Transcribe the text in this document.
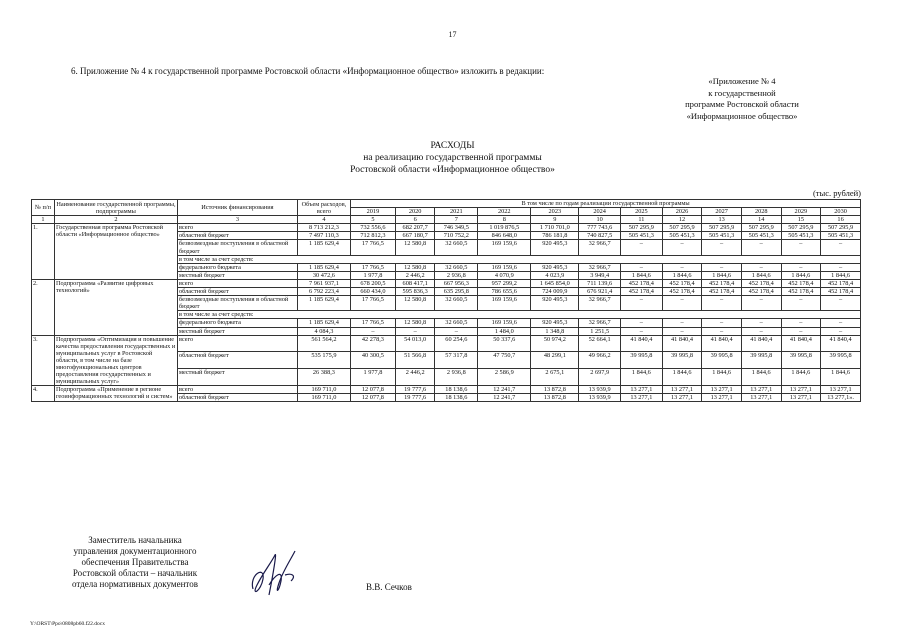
17
6. Приложение № 4 к государственной программе Ростовской области «Информационное общество» изложить в редакции:
«Приложение № 4
к государственной
программе Ростовской области
«Информационное общество»
РАСХОДЫ
на реализацию государственной программы
Ростовской области «Информационное общество»
(тыс. рублей)
№ п/п	Наименование государственной программы, подпрограммы	Источник финансирования	Объем расходов, всего	В том числе по годам реализации государственной программы											
				2019	2020	2021	2022	2023	2024	2025	2026	2027	2028	2029	2030
1	2	3	4	5	6	7	8	9	10	11	12	13	14	15	16
1.	Государственная программа Ростовской области «Информационное общество»	всего	8 713 212,3	732 556,6	682 207,7	746 349,5	1 019 876,5	1 710 701,0	777 743,6	507 295,9	507 295,9	507 295,9	507 295,9	507 295,9	507 295,9
		областной бюджет	7 497 110,3	712 812,3	667 180,7	710 752,2	846 648,0	786 181,8	740 827,5	505 451,3	505 451,3	505 451,3	505 451,3	505 451,3	505 451,3
		безвозмездные поступления в областной бюджет	1 185 629,4	17 766,5	12 580,8	32 660,5	169 159,6	920 495,3	32 966,7	–	–	–	–	–	–
		в том числе за счет средств:													
		федерального бюджета	1 185 629,4	17 766,5	12 580,8	32 660,5	169 159,6	920 495,3	32 966,7	–	–	–	–	–	–
		местный бюджет	30 472,6	1 977,8	2 446,2	2 936,8	4 070,9	4 023,9	3 949,4	1 844,6	1 844,6	1 844,6	1 844,6	1 844,6	1 844,6
2.	Подпрограмма «Развитие цифровых технологий»	всего	7 961 937,1	678 200,5	608 417,1	667 956,3	957 299,2	1 645 854,0	711 139,6	452 178,4	452 178,4	452 178,4	452 178,4	452 178,4	452 178,4
		областной бюджет	6 792 223,4	660 434,0	595 836,3	635 295,8	786 655,6	724 009,9	676 921,4	452 178,4	452 178,4	452 178,4	452 178,4	452 178,4	452 178,4
		безвозмездные поступления в областной бюджет	1 185 629,4	17 766,5	12 580,8	32 660,5	169 159,6	920 495,3	32 966,7	–	–	–	–	–	–
		в том числе за счет средств:													
		федерального бюджета	1 185 629,4	17 766,5	12 580,8	32 660,5	169 159,6	920 495,3	32 966,7	–	–	–	–	–	–
		местный бюджет	4 084,3	–	–	–	1 484,0	1 348,8	1 251,5	–	–	–	–	–	–
3.	Подпрограмма «Оптимизация и повышение качества предоставления государственных и муниципальных услуг в Ростовской области, в том числе на базе многофункциональных центров предоставления государственных и муниципальных услуг»	всего	561 564,2	42 278,3	54 013,0	60 254,6	50 337,6	50 974,2	52 664,1	41 840,4	41 840,4	41 840,4	41 840,4	41 840,4	41 840,4
		областной бюджет	535 175,9	40 300,5	51 566,8	57 317,8	47 750,7	48 299,1	49 966,2	39 995,8	39 995,8	39 995,8	39 995,8	39 995,8	39 995,8
		местный бюджет	26 388,3	1 977,8	2 446,2	2 936,8	2 586,9	2 675,1	2 697,9	1 844,6	1 844,6	1 844,6	1 844,6	1 844,6	1 844,6
4.	Подпрограмма «Применение в регионе геоинформационных технологий и систем»	всего	169 711,0	12 077,8	19 777,6	18 138,6	12 241,7	13 872,8	13 939,9	13 277,1	13 277,1	13 277,1	13 277,1	13 277,1	13 277,1
		областной бюджет	169 711,0	12 077,8	19 777,6	18 138,6	12 241,7	13 872,8	13 939,9	13 277,1	13 277,1	13 277,1	13 277,1	13 277,1	13 277,1».
Заместитель начальника
управления документационного
обеспечения Правительства
Ростовской области – начальник
отдела нормативных документов	В.В. Сечков
Y:\ORST\Ppo\0808pb60.f22.docx
